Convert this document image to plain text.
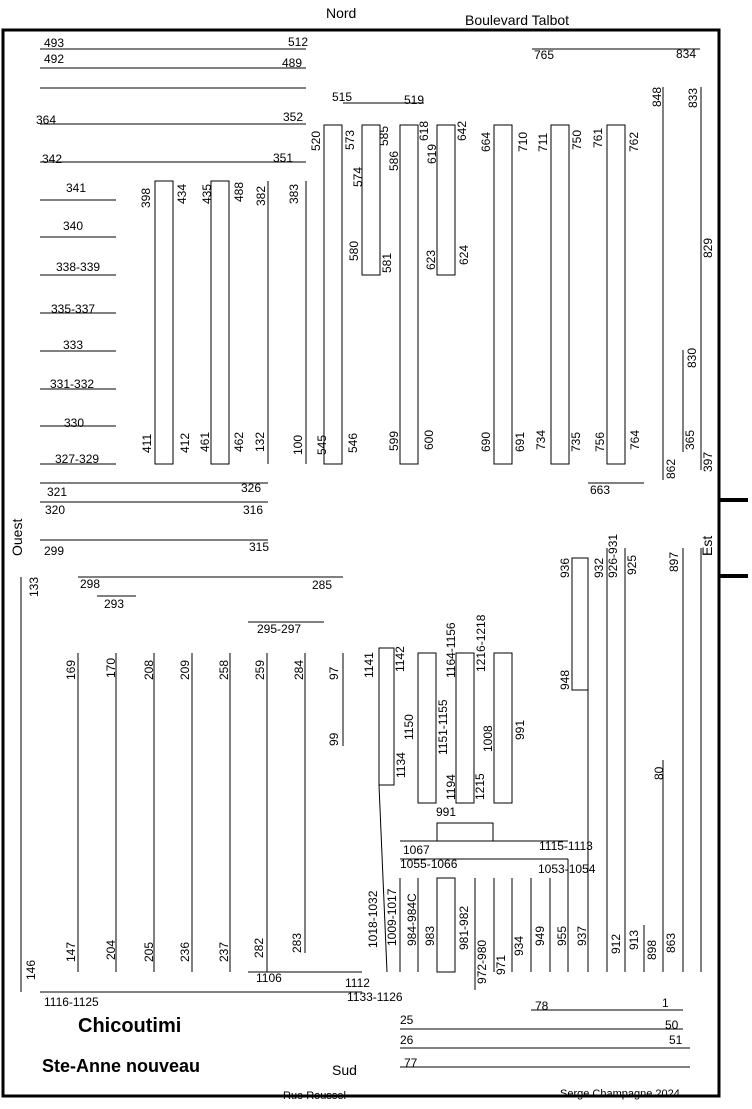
Nord
Sud
Est
Ouest
Boulevard Talbot
Rue Roussel
Chicoutimi
Ste-Anne nouveau
Serge Champagne 2024
493	512
492	489
364	352
342	351
341
340
338-339
335-337
333
331-332
330
327-329
321	326
320	316
299	315
298	285
293
295-297
515	519
663
765	834
1106	1112
1116-1125	1133-1126
991
1067	1115-1113
1055-1066	1053-1054
78	1
25	50
26	51
77
520 573 585 618 642
574
586 619
580
581	623 624
545 546 599 600
664 710 711 750 761 762
690 691 734 735 756 764
848 833
829
830
862
365
397
398 434 435 488 382 383
411 412 461 462 132 100
133
146
169
147
170
204
208
205
209
236
258
237
259
282
284
283
97
99
1141 1142
1134
1150 1151-1155
1164-1156 1216-1218
1194 1215
1008 991
1018-1032 1009-1017 984-984C 983 981-982
972-980 971
934 949 955 937
936
948
932 926-931 925
912 913 898 863
897
80
